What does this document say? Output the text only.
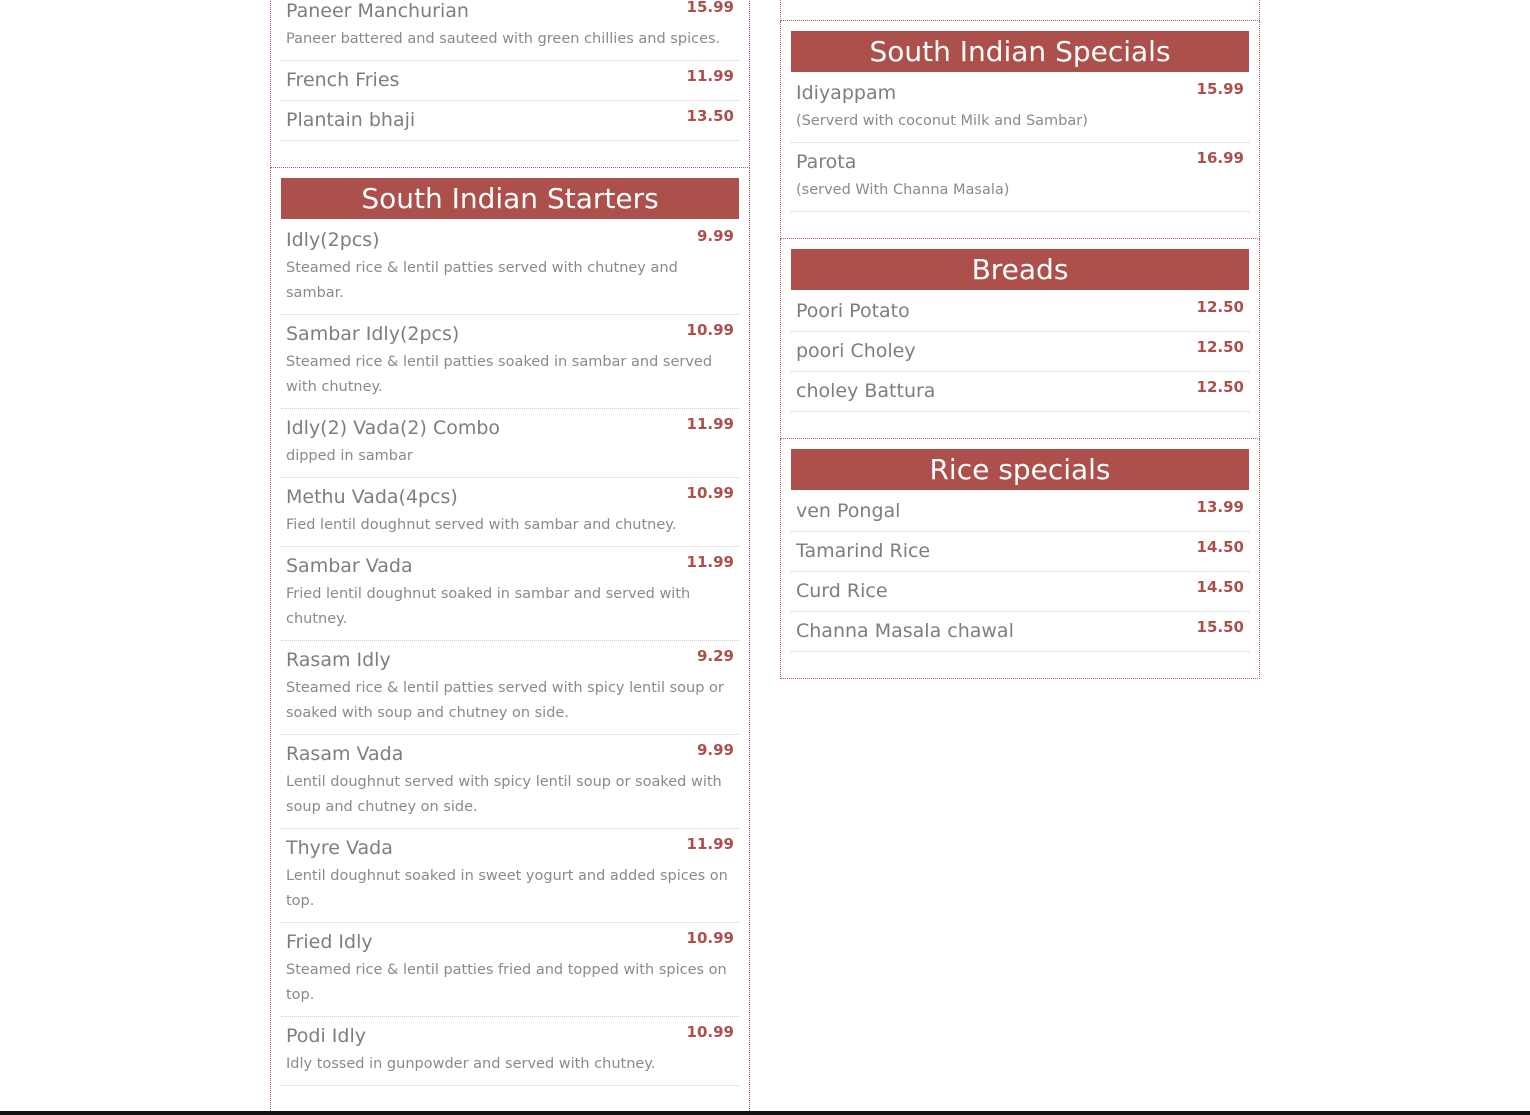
Paneer Manchurian	15.99
Paneer battered and sauteed with green chillies and spices.
French Fries	11.99
Plantain bhaji	13.50
South Indian Starters
Idly(2pcs)	9.99
Steamed rice & lentil patties served with chutney and sambar.
Sambar Idly(2pcs)	10.99
Steamed rice & lentil patties soaked in sambar and served with chutney.
Idly(2) Vada(2) Combo	11.99
dipped in sambar
Methu Vada(4pcs)	10.99
Fied lentil doughnut served with sambar and chutney.
Sambar Vada	11.99
Fried lentil doughnut soaked in sambar and served with chutney.
Rasam Idly	9.29
Steamed rice & lentil patties served with spicy lentil soup or soaked with soup and chutney on side.
Rasam Vada	9.99
Lentil doughnut served with spicy lentil soup or soaked with soup and chutney on side.
Thyre Vada	11.99
Lentil doughnut soaked in sweet yogurt and added spices on top.
Fried Idly	10.99
Steamed rice & lentil patties fried and topped with spices on top.
Podi Idly	10.99
Idly tossed in gunpowder and served with chutney.
South Indian Specials
Idiyappam	15.99
(Serverd with coconut Milk and Sambar)
Parota	16.99
(served With Channa Masala)
Breads
Poori Potato	12.50
poori Choley	12.50
choley Battura	12.50
Rice specials
ven Pongal	13.99
Tamarind Rice	14.50
Curd Rice	14.50
Channa Masala chawal	15.50
